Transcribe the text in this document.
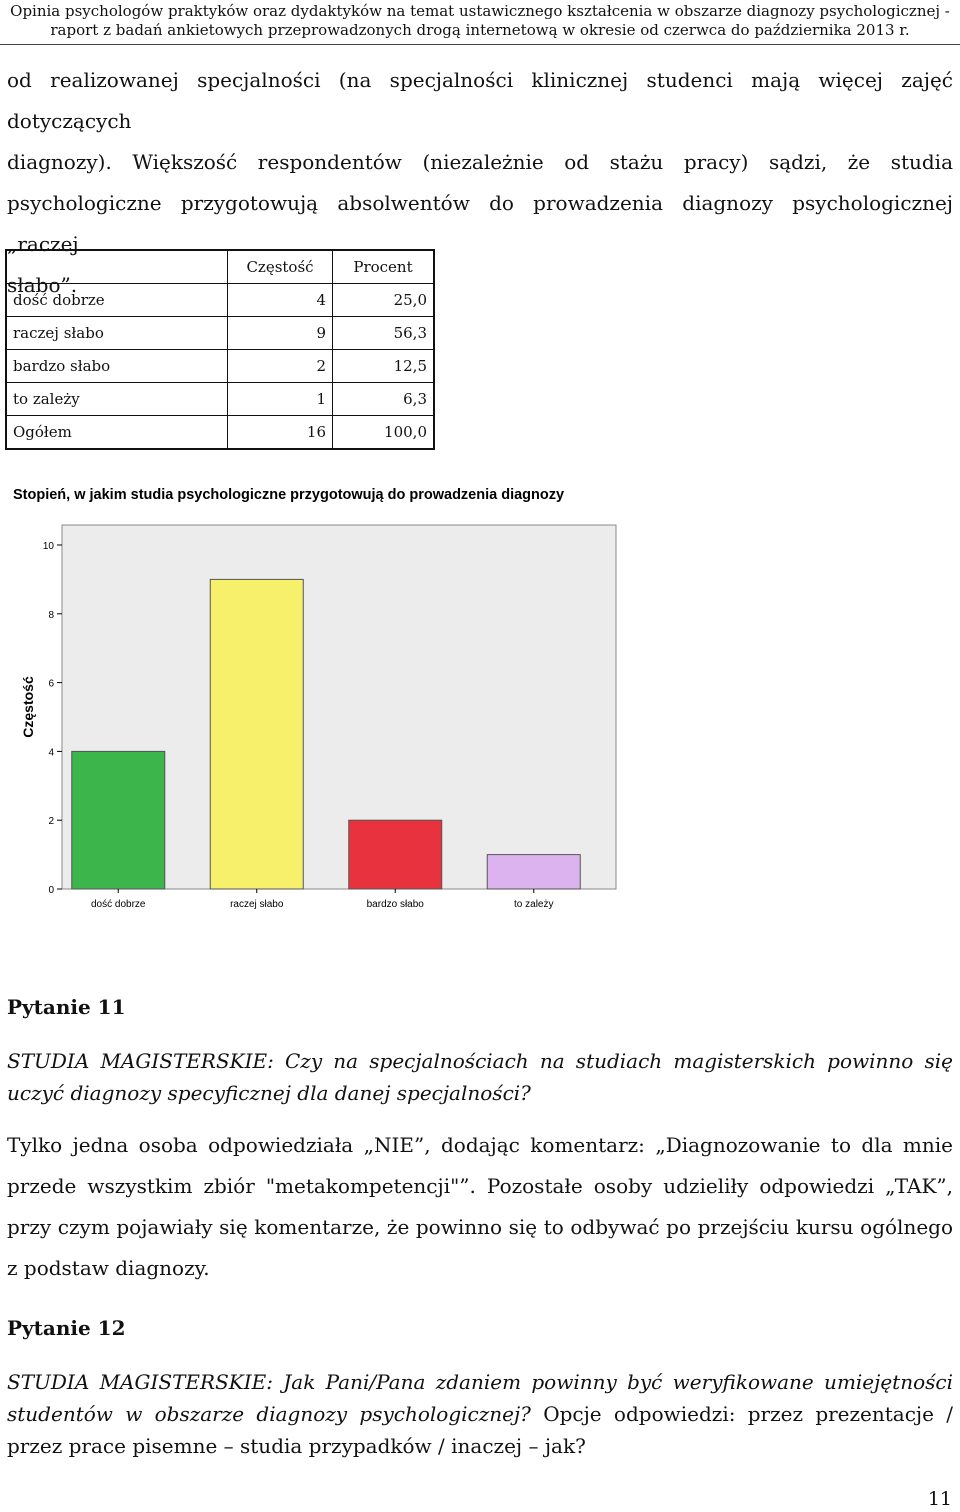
Opinia psychologów praktyków oraz dydaktyków na temat ustawicznego kształcenia w obszarze diagnozy psychologicznej -
raport z badań ankietowych przeprowadzonych drogą internetową w okresie od czerwca do października 2013 r.
od realizowanej specjalności (na specjalności klinicznej studenci mają więcej zajęć dotyczących
diagnozy). Większość respondentów (niezależnie od stażu pracy) sądzi, że studia
psychologiczne przygotowują absolwentów do prowadzenia diagnozy psychologicznej „raczej
słabo”.
	Częstość	Procent
dość dobrze	4	25,0
raczej słabo	9	56,3
bardzo słabo	2	12,5
to zależy	1	6,3
Ogółem	16	100,0
Stopień, w jakim studia psychologiczne przygotowują do prowadzenia diagnozy
Częstość
0
2
4
6
8
10
dość dobrze	raczej słabo	bardzo słabo	to zależy
Pytanie 11
STUDIA MAGISTERSKIE: Czy na specjalnościach na studiach magisterskich powinno się uczyć diagnozy specyficznej dla danej specjalności?
Tylko jedna osoba odpowiedziała „NIE”, dodając komentarz: „Diagnozowanie to dla mnie przede wszystkim zbiór "metakompetencji"”. Pozostałe osoby udzieliły odpowiedzi „TAK”, przy czym pojawiały się komentarze, że powinno się to odbywać po przejściu kursu ogólnego z podstaw diagnozy.
Pytanie 12
STUDIA MAGISTERSKIE: Jak Pani/Pana zdaniem powinny być weryfikowane umiejętności studentów w obszarze diagnozy psychologicznej? Opcje odpowiedzi: przez prezentacje / przez prace pisemne – studia przypadków / inaczej – jak?
11
